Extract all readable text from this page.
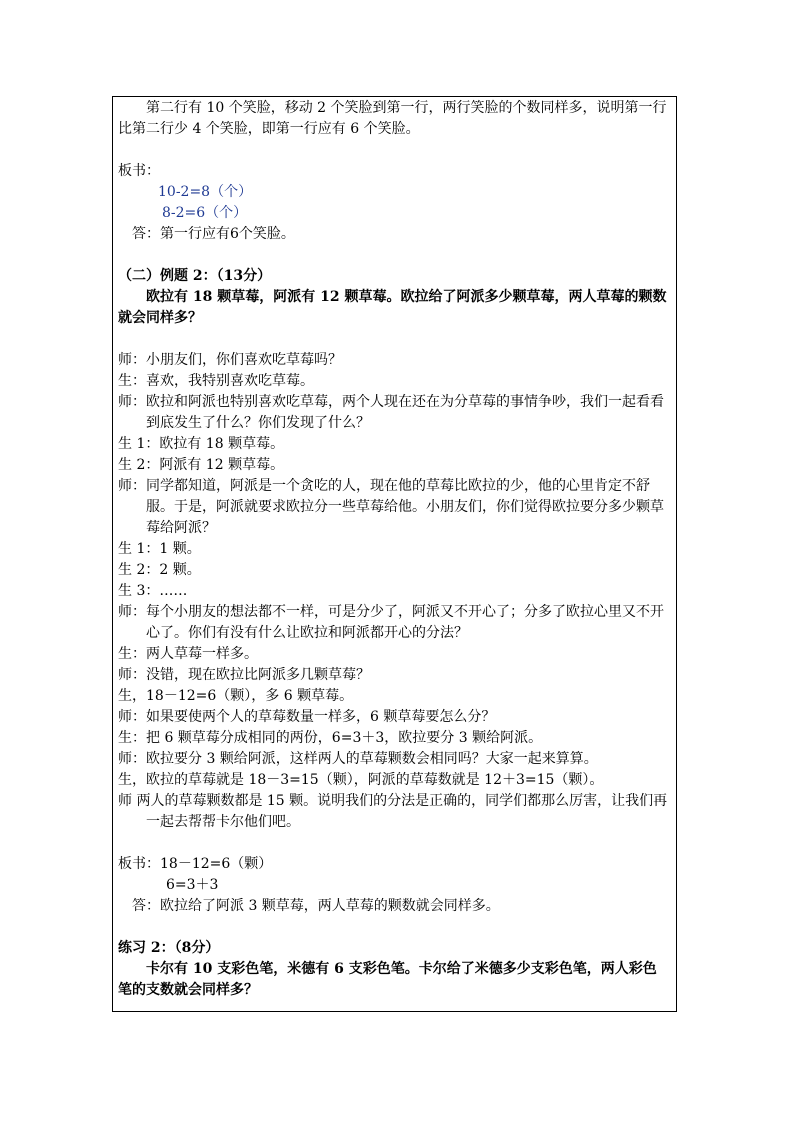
第二行有 10 个笑脸，移动 2 个笑脸到第一行，两行笑脸的个数同样多，说明第一行比第二行少 4 个笑脸，即第一行应有 6 个笑脸。

板书：

10-2=8（个）

8-2=6（个）

答：第一行应有6个笑脸。

（二）例题 2：（13分）

欧拉有 18 颗草莓，阿派有 12 颗草莓。欧拉给了阿派多少颗草莓，两人草莓的颗数就会同样多？

师：小朋友们，你们喜欢吃草莓吗？

生：喜欢，我特别喜欢吃草莓。

师：欧拉和阿派也特别喜欢吃草莓，两个人现在还在为分草莓的事情争吵，我们一起看看到底发生了什么？你们发现了什么？

生 1：欧拉有 18 颗草莓。

生 2：阿派有 12 颗草莓。

师：同学都知道，阿派是一个贪吃的人，现在他的草莓比欧拉的少，他的心里肯定不舒服。于是，阿派就要求欧拉分一些草莓给他。小朋友们，你们觉得欧拉要分多少颗草莓给阿派？

生 1：1 颗。

生 2：2 颗。

生 3：……

师：每个小朋友的想法都不一样，可是分少了，阿派又不开心了；分多了欧拉心里又不开心了。你们有没有什么让欧拉和阿派都开心的分法？

生：两人草莓一样多。

师：没错，现在欧拉比阿派多几颗草莓？

生，18－12=6（颗），多 6 颗草莓。

师：如果要使两个人的草莓数量一样多，6 颗草莓要怎么分？

生：把 6 颗草莓分成相同的两份，6=3＋3，欧拉要分 3 颗给阿派。

师：欧拉要分 3 颗给阿派，这样两人的草莓颗数会相同吗？大家一起来算算。

生，欧拉的草莓就是 18－3=15（颗），阿派的草莓数就是 12＋3=15（颗）。

师 两人的草莓颗数都是 15 颗。说明我们的分法是正确的，同学们都那么厉害，让我们再一起去帮帮卡尔他们吧。

板书：18－12=6（颗）

6=3＋3

答：欧拉给了阿派 3 颗草莓，两人草莓的颗数就会同样多。

练习 2：（8分）

卡尔有 10 支彩色笔，米德有 6 支彩色笔。卡尔给了米德多少支彩色笔，两人彩色笔的支数就会同样多？
